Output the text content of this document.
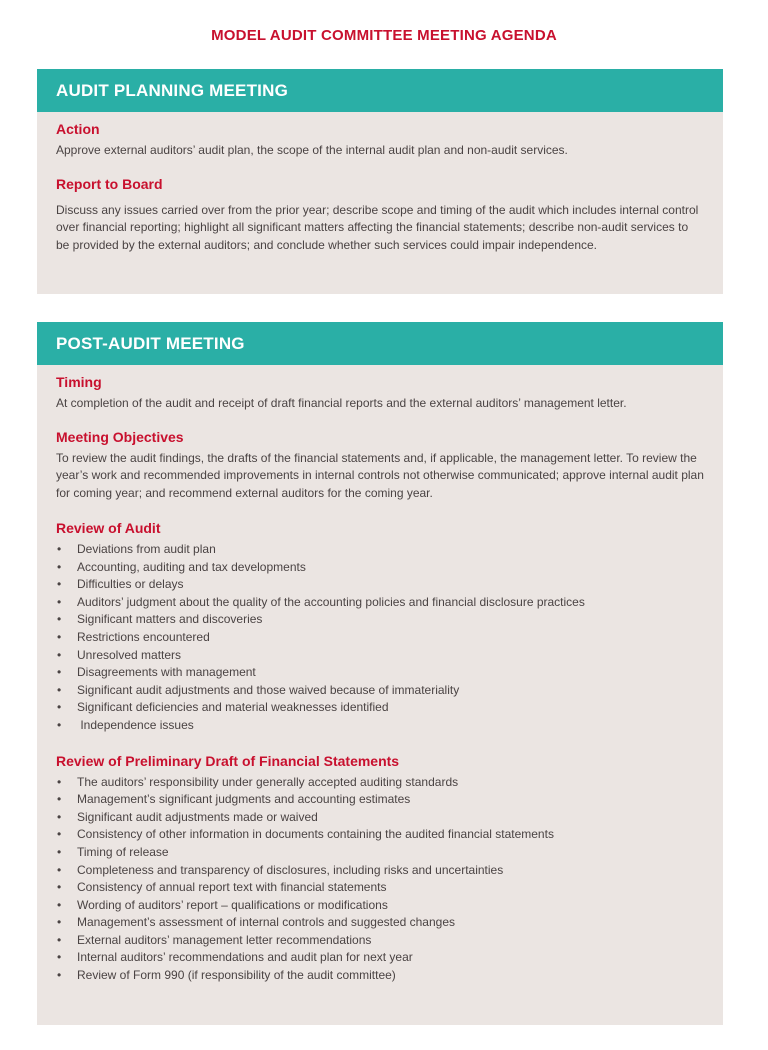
MODEL AUDIT COMMITTEE MEETING AGENDA
AUDIT PLANNING MEETING
Action

Approve external auditors’ audit plan, the scope of the internal audit plan and non-audit services.

Report to Board

Discuss any issues carried over from the prior year; describe scope and timing of the audit which includes internal control over financial reporting; highlight all significant matters affecting the financial statements; describe non-audit services to be provided by the external auditors; and conclude whether such services could impair independence.

POST-AUDIT MEETING
Timing

At completion of the audit and receipt of draft financial reports and the external auditors’ management letter.

Meeting Objectives

To review the audit findings, the drafts of the financial statements and, if applicable, the management letter. To review the year’s work and recommended improvements in internal controls not otherwise communicated; approve internal audit plan for coming year; and recommend external auditors for the coming year.

Review of Audit
• Deviations from audit plan
• Accounting, auditing and tax developments
• Difficulties or delays
• Auditors’ judgment about the quality of the accounting policies and financial disclosure practices
• Significant matters and discoveries
• Restrictions encountered
• Unresolved matters
• Disagreements with management
• Significant audit adjustments and those waived because of immateriality
• Significant deficiencies and material weaknesses identified
•  Independence issues
Review of Preliminary Draft of Financial Statements
• The auditors’ responsibility under generally accepted auditing standards
• Management’s significant judgments and accounting estimates
• Significant audit adjustments made or waived
• Consistency of other information in documents containing the audited financial statements
• Timing of release
• Completeness and transparency of disclosures, including risks and uncertainties
• Consistency of annual report text with financial statements
• Wording of auditors’ report – qualifications or modifications
• Management’s assessment of internal controls and suggested changes
• External auditors’ management letter recommendations
• Internal auditors’ recommendations and audit plan for next year
• Review of Form 990 (if responsibility of the audit committee)
